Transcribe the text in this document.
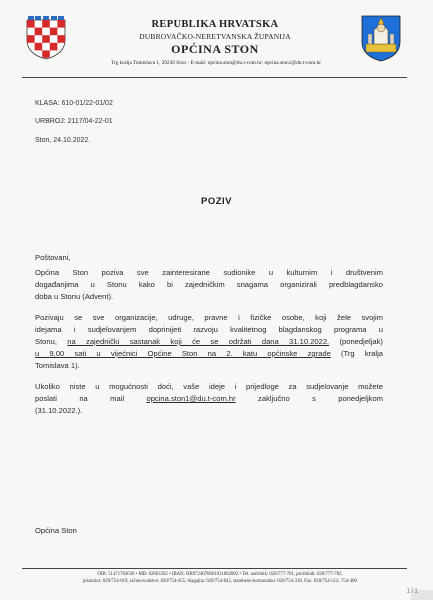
REPUBLIKA HRVATSKA
DUBROVAČKO-NERETVANSKA ŽUPANIJA
OPĆINA STON
Trg kralja Tomislava 1, 20230 Ston - E-mail: opcina.ston@du.t-com.hr; opcina.ston1@du.t-com.hr
KLASA: 610-01/22-01/02
URBROJ: 2117/04-22-01
Ston, 24.10.2022.
POZIV
Poštovani,
Općina Ston poziva sve zainteresirane sudionike u kulturnim i društvenim
događanjima u Stonu kako bi zajedničkim snagama organizirali predblagdansko
doba u Stonu (Advent).
Pozivaju se sve organizacije, udruge, pravne i fizičke osobe, koji žele svojim
idejama i sudjelovanjem doprinijeti razvoju kvalitetnog blagdanskog programa u
Stonu, na zajednički sastanak koji će se održati dana 31.10.2022. (ponedjeljak)
u 9,00 sati u vijećnici Općine Ston na 2. katu općinske zgrade (Trg kralja
Tomislava 1).
Ukoliko niste u mogućnosti doći, vaše ideje i prijedloge za sudjelovanje možete
poslati na mail	opcina.ston1@du.t-com.hr	zaključno s ponedjeljkom
(31.10.2022.).
Općina Ston
OIB: 51471783630 • MB: 02663562 • IBAN: HR9724070001811002002 • Tel. načelnik: 020/777-701, pročelnik: 020/777-782,
pisarnica: 020/754-019, računovodstvo: 020/754-455, blagajna: 020/754-842, stambeno-komunalno: 020/754-318, Fax: 020/754-512; 754-400
1/1
